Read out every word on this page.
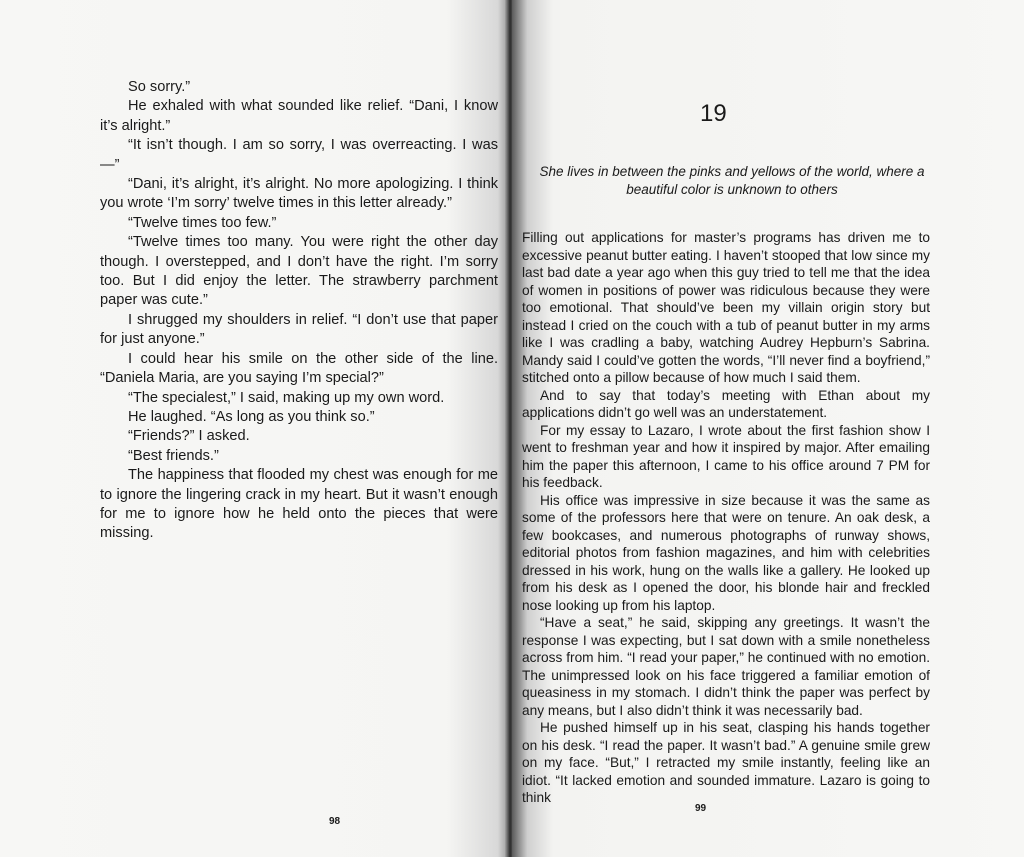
So sorry.”

He exhaled with what sounded like relief. “Dani, I know it’s alright.”

“It isn’t though. I am so sorry, I was overreacting. I was—”

“Dani, it’s alright, it’s alright. No more apologizing. I think you wrote ‘I’m sorry’ twelve times in this letter already.”

“Twelve times too few.”

“Twelve times too many. You were right the other day though. I overstepped, and I don’t have the right. I’m sorry too. But I did enjoy the letter. The strawberry parchment paper was cute.”

I shrugged my shoulders in relief. “I don’t use that paper for just anyone.”

I could hear his smile on the other side of the line. “Daniela Maria, are you saying I’m special?”

“The specialest,” I said, making up my own word.

He laughed. “As long as you think so.”

“Friends?” I asked.

“Best friends.”

The happiness that flooded my chest was enough for me to ignore the lingering crack in my heart. But it wasn’t enough for me to ignore how he held onto the pieces that were missing.

98
19
She lives in between the pinks and yellows of the world, where a beautiful color is unknown to others

Filling out applications for master’s programs has driven me to excessive peanut butter eating. I haven’t stooped that low since my last bad date a year ago when this guy tried to tell me that the idea of women in positions of power was ridiculous because they were too emotional. That should’ve been my villain origin story but instead I cried on the couch with a tub of peanut butter in my arms like I was cradling a baby, watching Audrey Hepburn’s Sabrina. Mandy said I could’ve gotten the words, “I’ll never find a boyfriend,” stitched onto a pillow because of how much I said them.

And to say that today’s meeting with Ethan about my applications didn’t go well was an understatement.

For my essay to Lazaro, I wrote about the first fashion show I went to freshman year and how it inspired by major. After emailing him the paper this afternoon, I came to his office around 7 PM for his feedback.

His office was impressive in size because it was the same as some of the professors here that were on tenure. An oak desk, a few bookcases, and numerous photographs of runway shows, editorial photos from fashion magazines, and him with celebrities dressed in his work, hung on the walls like a gallery. He looked up from his desk as I opened the door, his blonde hair and freckled nose looking up from his laptop.

“Have a seat,” he said, skipping any greetings. It wasn’t the response I was expecting, but I sat down with a smile nonetheless across from him. “I read your paper,” he continued with no emotion. The unimpressed look on his face triggered a familiar emotion of queasiness in my stomach. I didn’t think the paper was perfect by any means, but I also didn’t think it was necessarily bad.

He pushed himself up in his seat, clasping his hands together on his desk. “I read the paper. It wasn’t bad.” A genuine smile grew on my face. “But,” I retracted my smile instantly, feeling like an idiot. “It lacked emotion and sounded immature. Lazaro is going to think

99
